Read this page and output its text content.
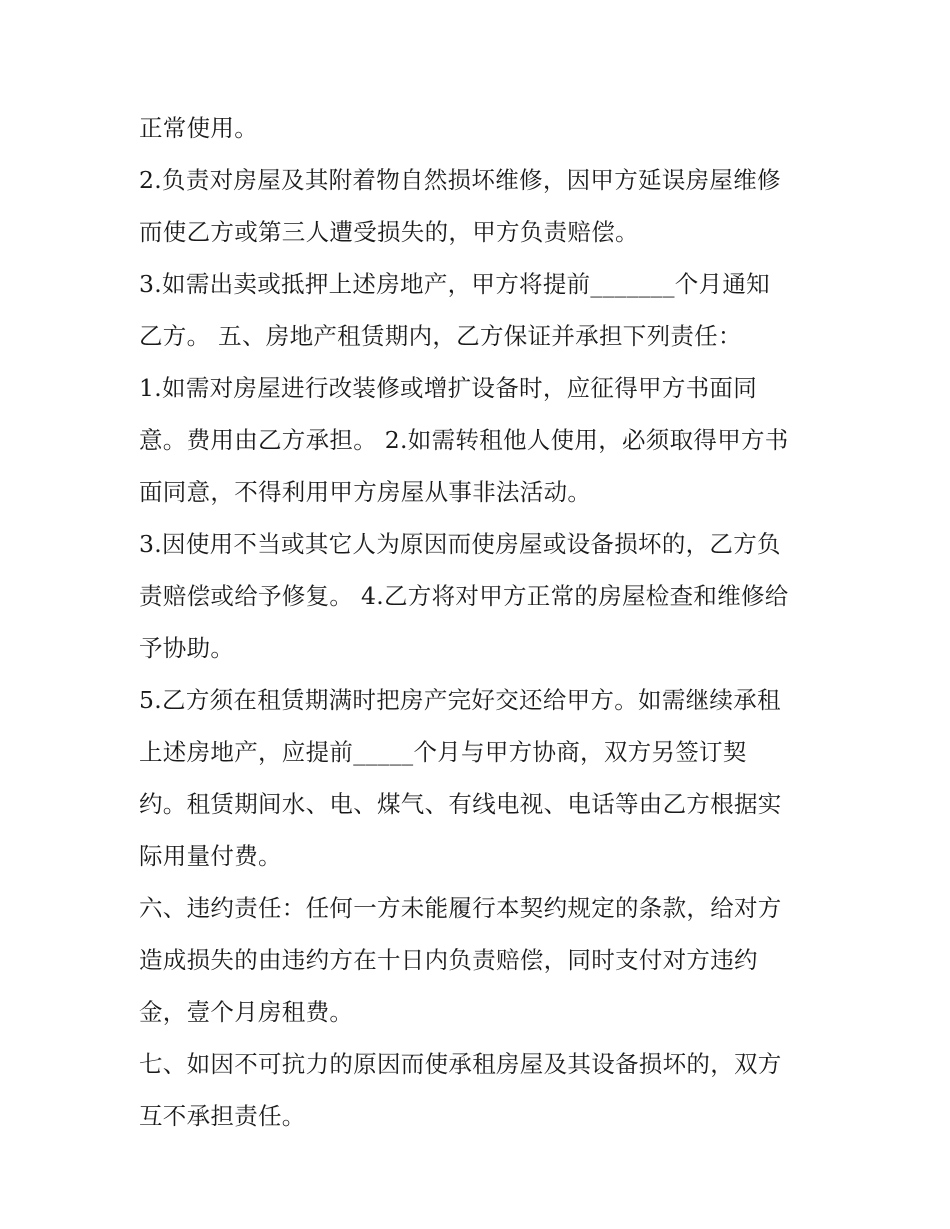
正常使用。
2.负责对房屋及其附着物自然损坏维修，因甲方延误房屋维修
而使乙方或第三人遭受损失的，甲方负责赔偿。
3.如需出卖或抵押上述房地产，甲方将提前_______个月通知
乙方。 五、房地产租赁期内，乙方保证并承担下列责任：
1.如需对房屋进行改装修或增扩设备时，应征得甲方书面同
意。费用由乙方承担。 2.如需转租他人使用，必须取得甲方书
面同意，不得利用甲方房屋从事非法活动。
3.因使用不当或其它人为原因而使房屋或设备损坏的，乙方负
责赔偿或给予修复。 4.乙方将对甲方正常的房屋检查和维修给
予协助。
5.乙方须在租赁期满时把房产完好交还给甲方。如需继续承租
上述房地产，应提前_____个月与甲方协商，双方另签订契
约。租赁期间水、电、煤气、有线电视、电话等由乙方根据实
际用量付费。
六、违约责任：任何一方未能履行本契约规定的条款，给对方
造成损失的由违约方在十日内负责赔偿，同时支付对方违约
金，壹个月房租费。
七、如因不可抗力的原因而使承租房屋及其设备损坏的，双方
互不承担责任。
